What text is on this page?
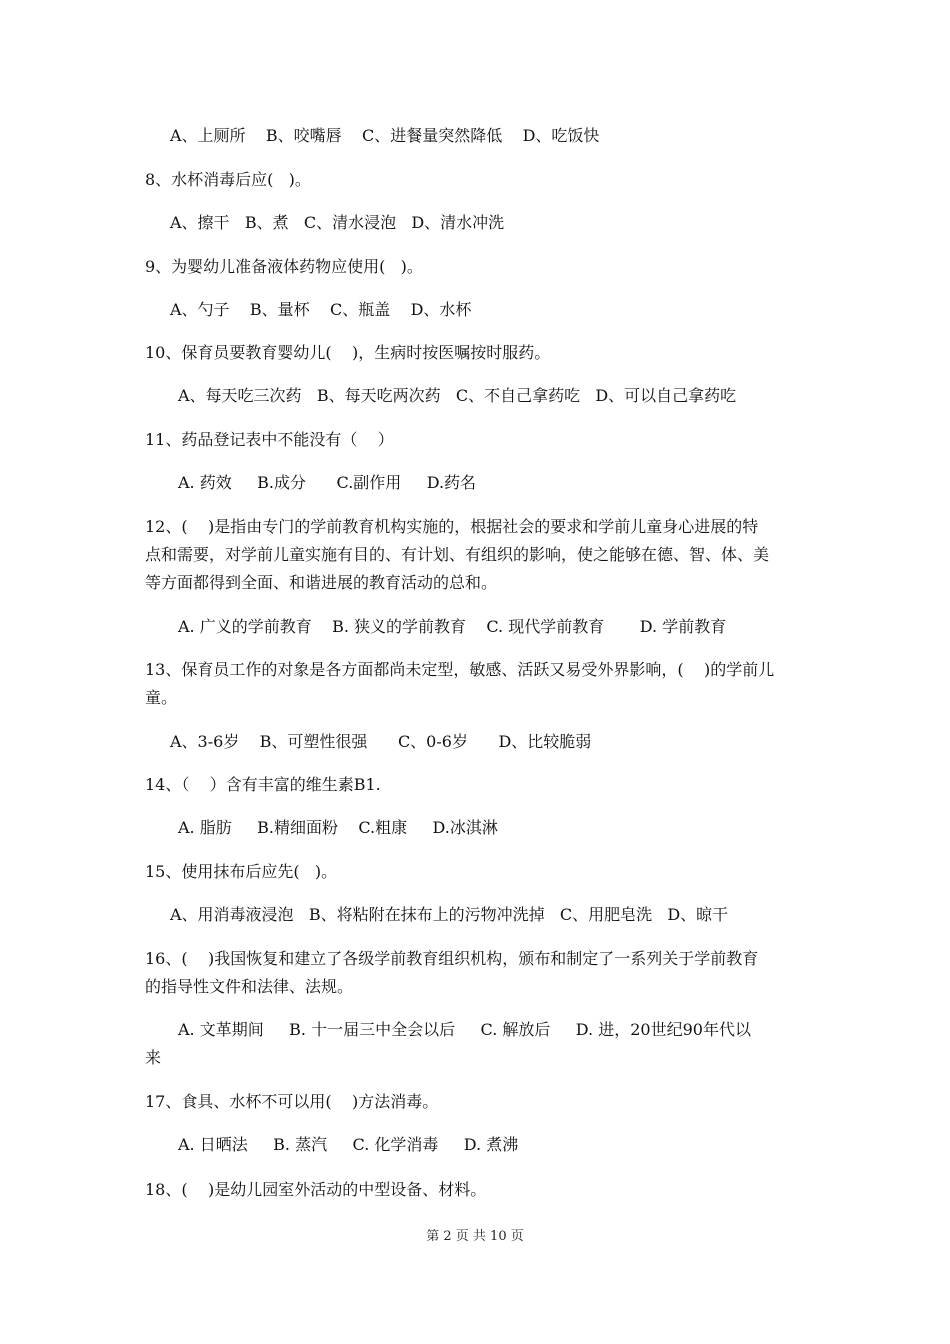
A、上厕所    B、咬嘴唇    C、进餐量突然降低    D、吃饭快
8、水杯消毒后应(   )。
A、擦干   B、煮   C、清水浸泡   D、清水冲洗
9、为婴幼儿准备液体药物应使用(   )。
A、勺子    B、量杯    C、瓶盖    D、水杯
10、保育员要教育婴幼儿(    )，生病时按医嘱按时服药。
A、每天吃三次药   B、每天吃两次药   C、不自己拿药吃   D、可以自己拿药吃
11、药品登记表中不能没有（    ）
A. 药效     B.成分      C.副作用     D.药名
12、(    )是指由专门的学前教育机构实施的，根据社会的要求和学前儿童身心进展的特
点和需要，对学前儿童实施有目的、有计划、有组织的影响，使之能够在德、智、体、美
等方面都得到全面、和谐进展的教育活动的总和。
A. 广义的学前教育    B. 狭义的学前教育    C. 现代学前教育       D. 学前教育
13、保育员工作的对象是各方面都尚未定型，敏感、活跃又易受外界影响，(    )的学前儿
童。
A、3-6岁    B、可塑性很强      C、0-6岁      D、比较脆弱
14、（    ）含有丰富的维生素B1.
A. 脂肪     B.精细面粉    C.粗康     D.冰淇淋
15、使用抹布后应先(   )。
A、用消毒液浸泡   B、将粘附在抹布上的污物冲洗掉   C、用肥皂洗   D、晾干
16、(    )我国恢复和建立了各级学前教育组织机构，颁布和制定了一系列关于学前教育
的指导性文件和法律、法规。
A. 文革期间     B. 十一届三中全会以后     C. 解放后     D. 进，20世纪90年代以
来
17、食具、水杯不可以用(    )方法消毒。
A. 日晒法     B. 蒸汽     C. 化学消毒     D. 煮沸
18、(    )是幼儿园室外活动的中型设备、材料。
第 2 页 共 10 页
